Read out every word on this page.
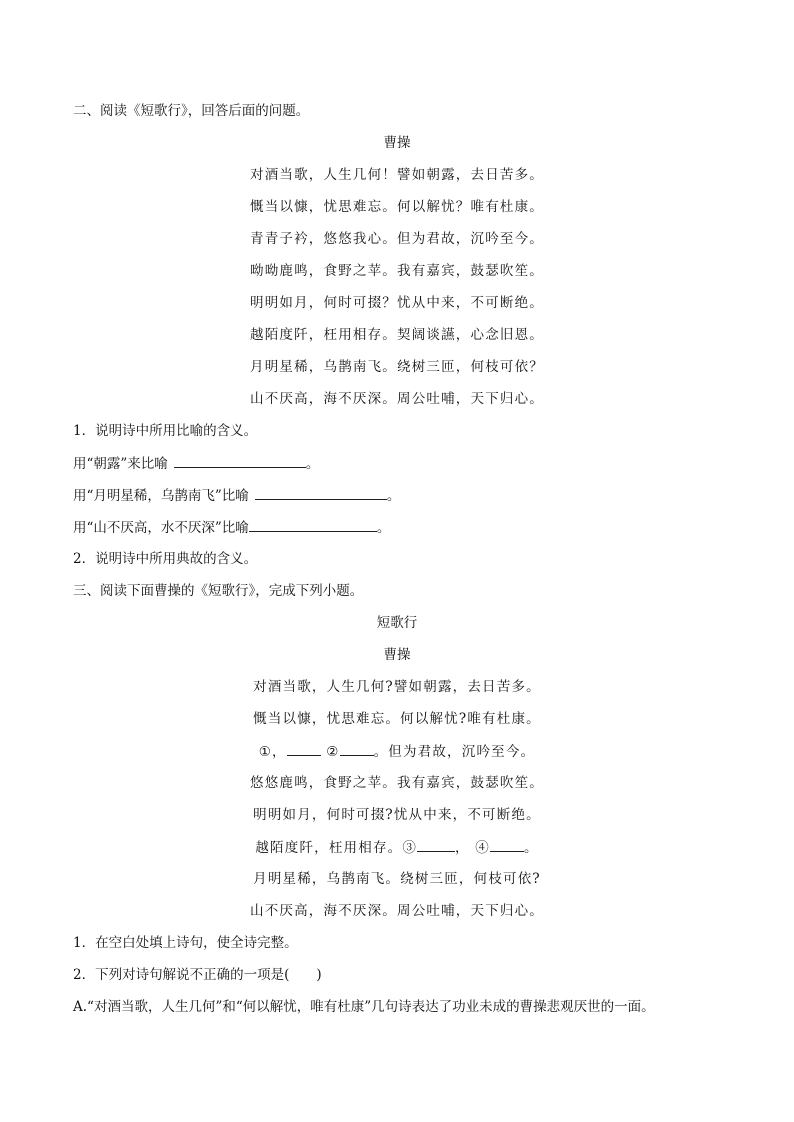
二、阅读《短歌行》，回答后面的问题。
曹操
对酒当歌，人生几何！譬如朝露，去日苦多。
慨当以慷，忧思难忘。何以解忧？唯有杜康。
青青子衿，悠悠我心。但为君故，沉吟至今。
呦呦鹿鸣，食野之苹。我有嘉宾，鼓瑟吹笙。
明明如月，何时可掇？忧从中来，不可断绝。
越陌度阡，枉用相存。契阔谈讌，心念旧恩。
月明星稀，乌鹊南飞。绕树三匝，何枝可依？
山不厌高，海不厌深。周公吐哺，天下归心。
1．说明诗中所用比喻的含义。
用“朝露”来比喻	。
用“月明星稀，乌鹊南飞”比喻	。
用“山不厌高，水不厌深”比喻	。
2．说明诗中所用典故的含义。
三、阅读下面曹操的《短歌行》，完成下列小题。
短歌行
曹操
对酒当歌，人生几何?譬如朝露，去日苦多。
慨当以慷，忧思难忘。何以解忧?唯有杜康。
①，	②	。但为君故，沉吟至今。
悠悠鹿鸣，食野之苹。我有嘉宾，鼓瑟吹笙。
明明如月，何时可掇?忧从中来，不可断绝。
越陌度阡，枉用相存。③	， ④	。
月明星稀，乌鹊南飞。绕树三匝，何枝可依?
山不厌高，海不厌深。周公吐哺，天下归心。
1．在空白处填上诗句，使全诗完整。
2．下列对诗句解说不正确的一项是(　　)
A.“对酒当歌，人生几何”和“何以解忧，唯有杜康”几句诗表达了功业未成的曹操悲观厌世的一面。
